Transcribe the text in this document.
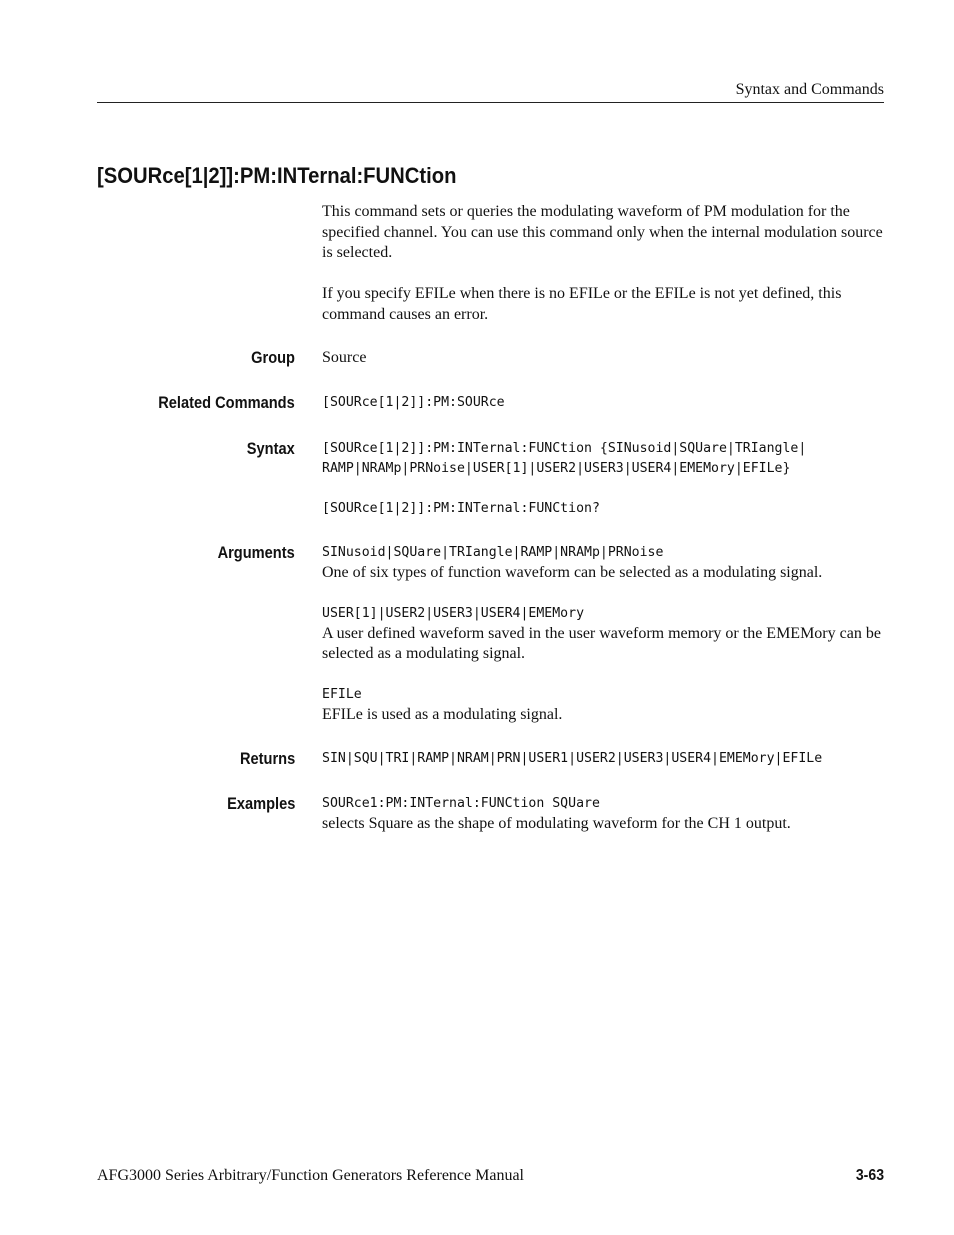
Syntax and Commands
[SOURce[1|2]]:PM:INTernal:FUNCtion

This command sets or queries the modulating waveform of PM modulation for the specified channel. You can use this command only when the internal modulation source is selected.

If you specify EFILe when there is no EFILe or the EFILe is not yet defined, this command causes an error.

Group Source
Related Commands [SOURce[1|2]]:PM:SOURce
Syntax [SOURce[1|2]]:PM:INTernal:FUNCtion {SINusoid|SQUare|TRIangle|
RAMP|NRAMp|PRNoise|USER[1]|USER2|USER3|USER4|EMEMory|EFILe}
[SOURce[1|2]]:PM:INTernal:FUNCtion?
Arguments SINusoid|SQUare|TRIangle|RAMP|NRAMp|PRNoise
One of six types of function waveform can be selected as a modulating signal.
USER[1]|USER2|USER3|USER4|EMEMory
A user defined waveform saved in the user waveform memory or the EMEMory can be selected as a modulating signal.
EFILe
EFILe is used as a modulating signal.
Returns SIN|SQU|TRI|RAMP|NRAM|PRN|USER1|USER2|USER3|USER4|EMEMory|EFILe
Examples SOURce1:PM:INTernal:FUNCtion SQUare
selects Square as the shape of modulating waveform for the CH 1 output.
AFG3000 Series Arbitrary/Function Generators Reference Manual	3-63
